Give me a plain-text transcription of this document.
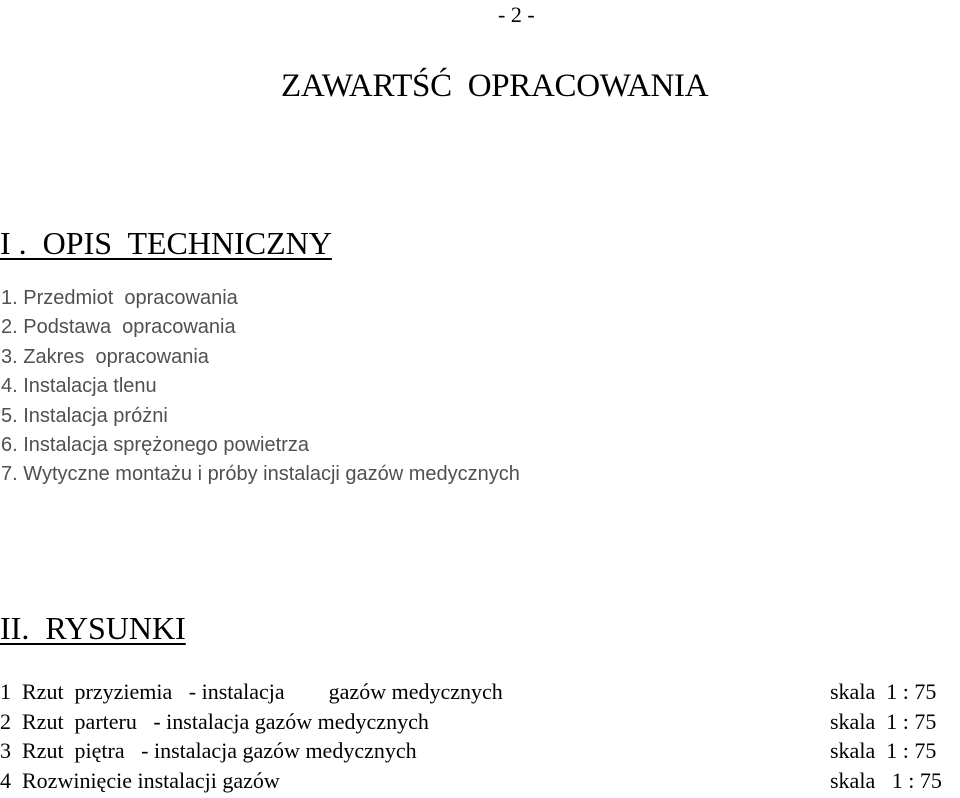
- 2 -
ZAWARTŚĆ  OPRACOWANIA
I .  OPIS  TECHNICZNY
1. Przedmiot  opracowania
2. Podstawa  opracowania
3. Zakres  opracowania
4. Instalacja tlenu
5. Instalacja próżni
6. Instalacja sprężonego powietrza
7. Wytyczne montażu i próby instalacji gazów medycznych
II.  RYSUNKI
1  Rzut  przyziemia   - instalacja        gazów medycznych	skala  1 : 75
2  Rzut  parteru   - instalacja gazów medycznych	skala  1 : 75
3  Rzut  piętra   - instalacja gazów medycznych	skala  1 : 75
4  Rozwinięcie instalacji gazów	skala   1 : 75
